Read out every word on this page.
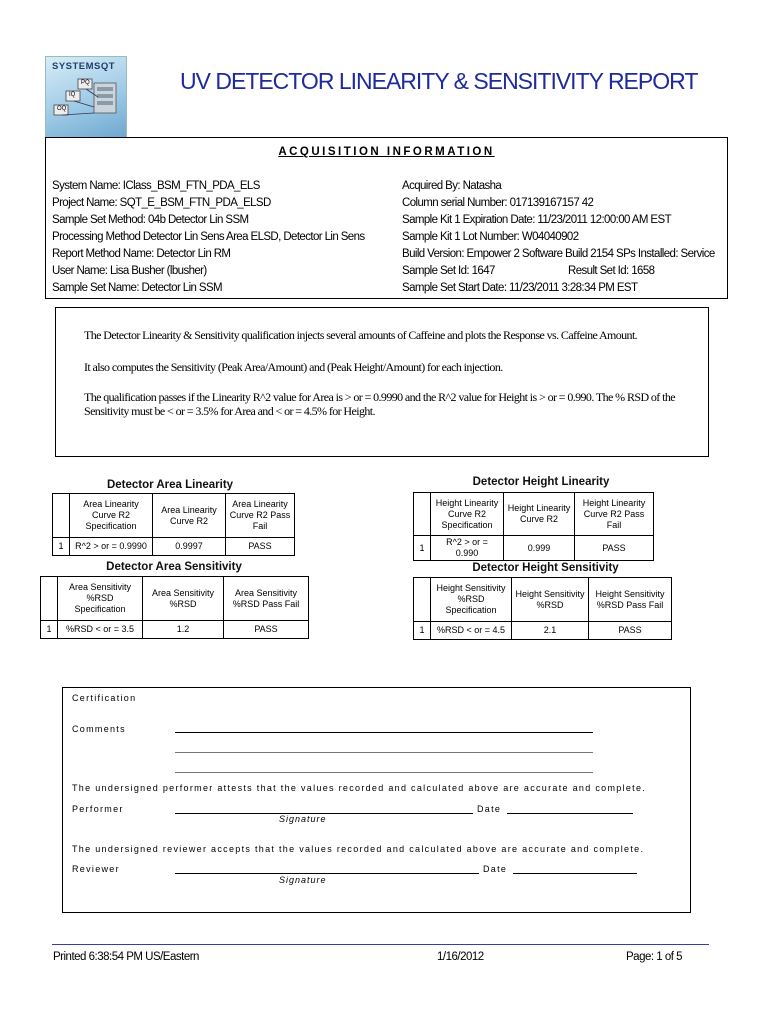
SYSTEMSQT
PQ
IQ
OQ
UV DETECTOR LINEARITY & SENSITIVITY REPORT
ACQUISITION INFORMATION
System Name: IClass_BSM_FTN_PDA_ELS
Project Name: SQT_E_BSM_FTN_PDA_ELSD
Sample Set Method: 04b Detector Lin SSM
Processing Method Detector Lin Sens Area ELSD, Detector Lin Sens
Report Method Name: Detector Lin RM
User Name: Lisa Busher (lbusher)
Sample Set Name: Detector Lin SSM
Acquired By: Natasha
Column serial Number: 017139167157 42
Sample Kit 1 Expiration Date: 11/23/2011 12:00:00 AM EST
Sample Kit 1 Lot Number: W04040902
Build Version: Empower 2 Software Build 2154 SPs Installed: Service
Sample Set Id: 1647
Sample Set Start Date: 11/23/2011 3:28:34 PM EST
Result Set Id: 1658
The Detector Linearity & Sensitivity qualification injects several amounts of Caffeine and plots the Response vs. Caffeine Amount.
It also computes the Sensitivity (Peak Area/Amount) and (Peak Height/Amount) for each injection.
The qualification passes if the Linearity R^2 value for Area is > or = 0.9990 and the R^2 value for Height is > or = 0.990. The % RSD of the Sensitivity must be < or = 3.5% for Area and < or = 4.5% for Height.
Detector Area Linearity
	Area Linearity Curve R2 Specification	Area Linearity Curve R2	Area Linearity Curve R2 Pass Fail
1	R^2 > or = 0.9990	0.9997	PASS
Detector Height Linearity
	Height Linearity Curve R2 Specification	Height Linearity Curve R2	Height Linearity Curve R2 Pass Fail
1	R^2 > or = 0.990	0.999	PASS
Detector Area Sensitivity
	Area Sensitivity %RSD Specification	Area Sensitivity %RSD	Area Sensitivity %RSD Pass Fail
1	%RSD < or = 3.5	1.2	PASS
Detector Height Sensitivity
	Height Sensitivity %RSD Specification	Height Sensitivity %RSD	Height Sensitivity %RSD Pass Fail
1	%RSD < or = 4.5	2.1	PASS
Certification
Comments
The undersigned performer attests that the values recorded and calculated above are accurate and complete.
Performer
Signature
Date
The undersigned reviewer accepts that the values recorded and calculated above are accurate and complete.
Reviewer
Signature
Date
Printed 6:38:54 PM US/Eastern	1/16/2012	Page: 1 of 5
